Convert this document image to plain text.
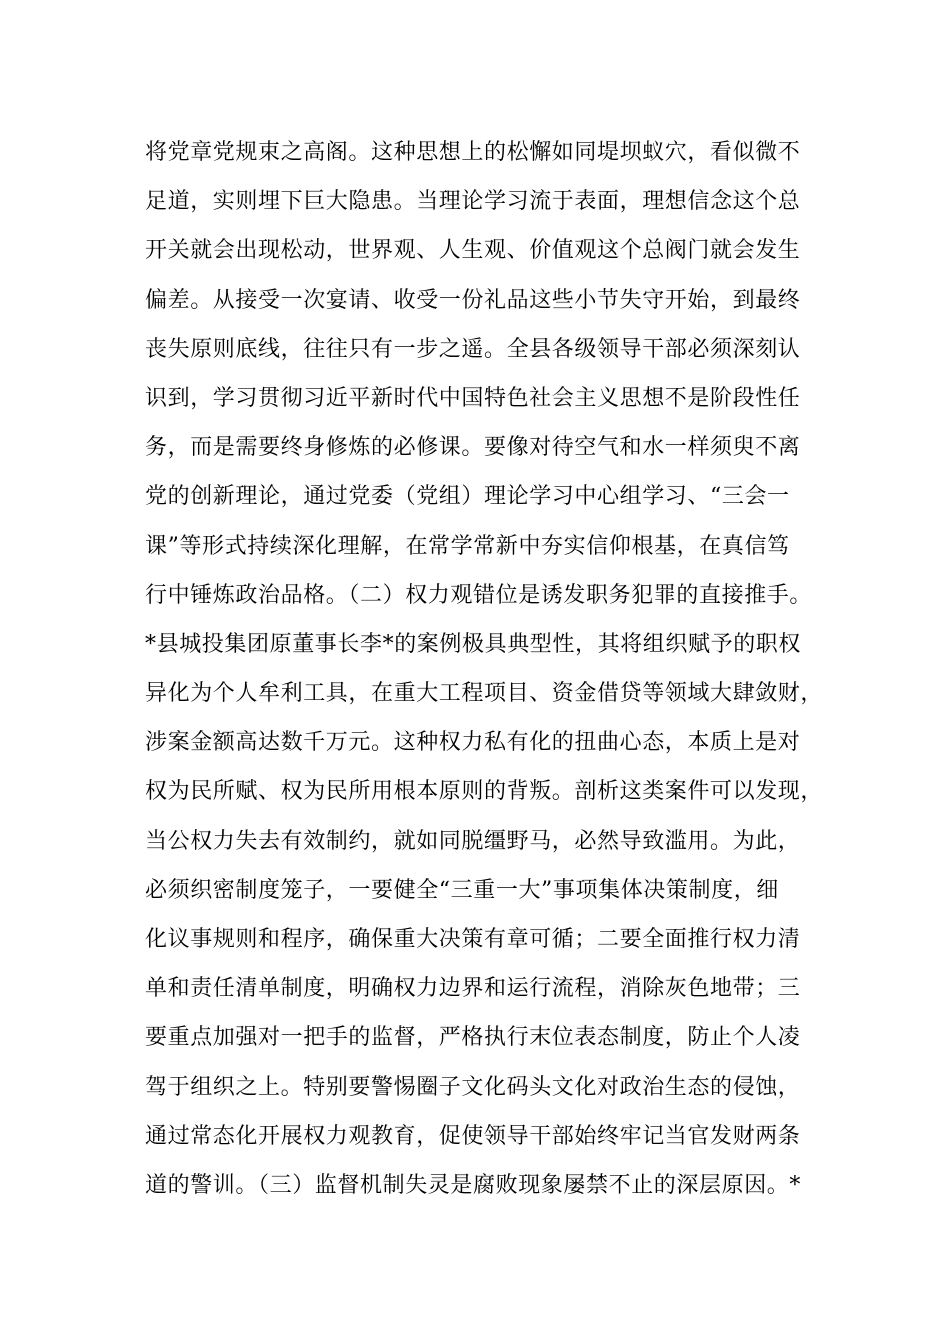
将党章党规束之高阁。这种思想上的松懈如同堤坝蚁穴，看似微不
足道，实则埋下巨大隐患。当理论学习流于表面，理想信念这个总
开关就会出现松动，世界观、人生观、价值观这个总阀门就会发生
偏差。从接受一次宴请、收受一份礼品这些小节失守开始，到最终
丧失原则底线，往往只有一步之遥。全县各级领导干部必须深刻认
识到，学习贯彻习近平新时代中国特色社会主义思想不是阶段性任
务，而是需要终身修炼的必修课。要像对待空气和水一样须臾不离
党的创新理论，通过党委（党组）理论学习中心组学习、“三会一
课”等形式持续深化理解，在常学常新中夯实信仰根基，在真信笃
行中锤炼政治品格。（二）权力观错位是诱发职务犯罪的直接推手。
*县城投集团原董事长李*的案例极具典型性，其将组织赋予的职权
异化为个人牟利工具，在重大工程项目、资金借贷等领域大肆敛财，
涉案金额高达数千万元。这种权力私有化的扭曲心态，本质上是对
权为民所赋、权为民所用根本原则的背叛。剖析这类案件可以发现，
当公权力失去有效制约，就如同脱缰野马，必然导致滥用。为此，
必须织密制度笼子，一要健全“三重一大”事项集体决策制度，细
化议事规则和程序，确保重大决策有章可循；二要全面推行权力清
单和责任清单制度，明确权力边界和运行流程，消除灰色地带；三
要重点加强对一把手的监督，严格执行末位表态制度，防止个人凌
驾于组织之上。特别要警惕圈子文化码头文化对政治生态的侵蚀，
通过常态化开展权力观教育，促使领导干部始终牢记当官发财两条
道的警训。（三）监督机制失灵是腐败现象屡禁不止的深层原因。*
